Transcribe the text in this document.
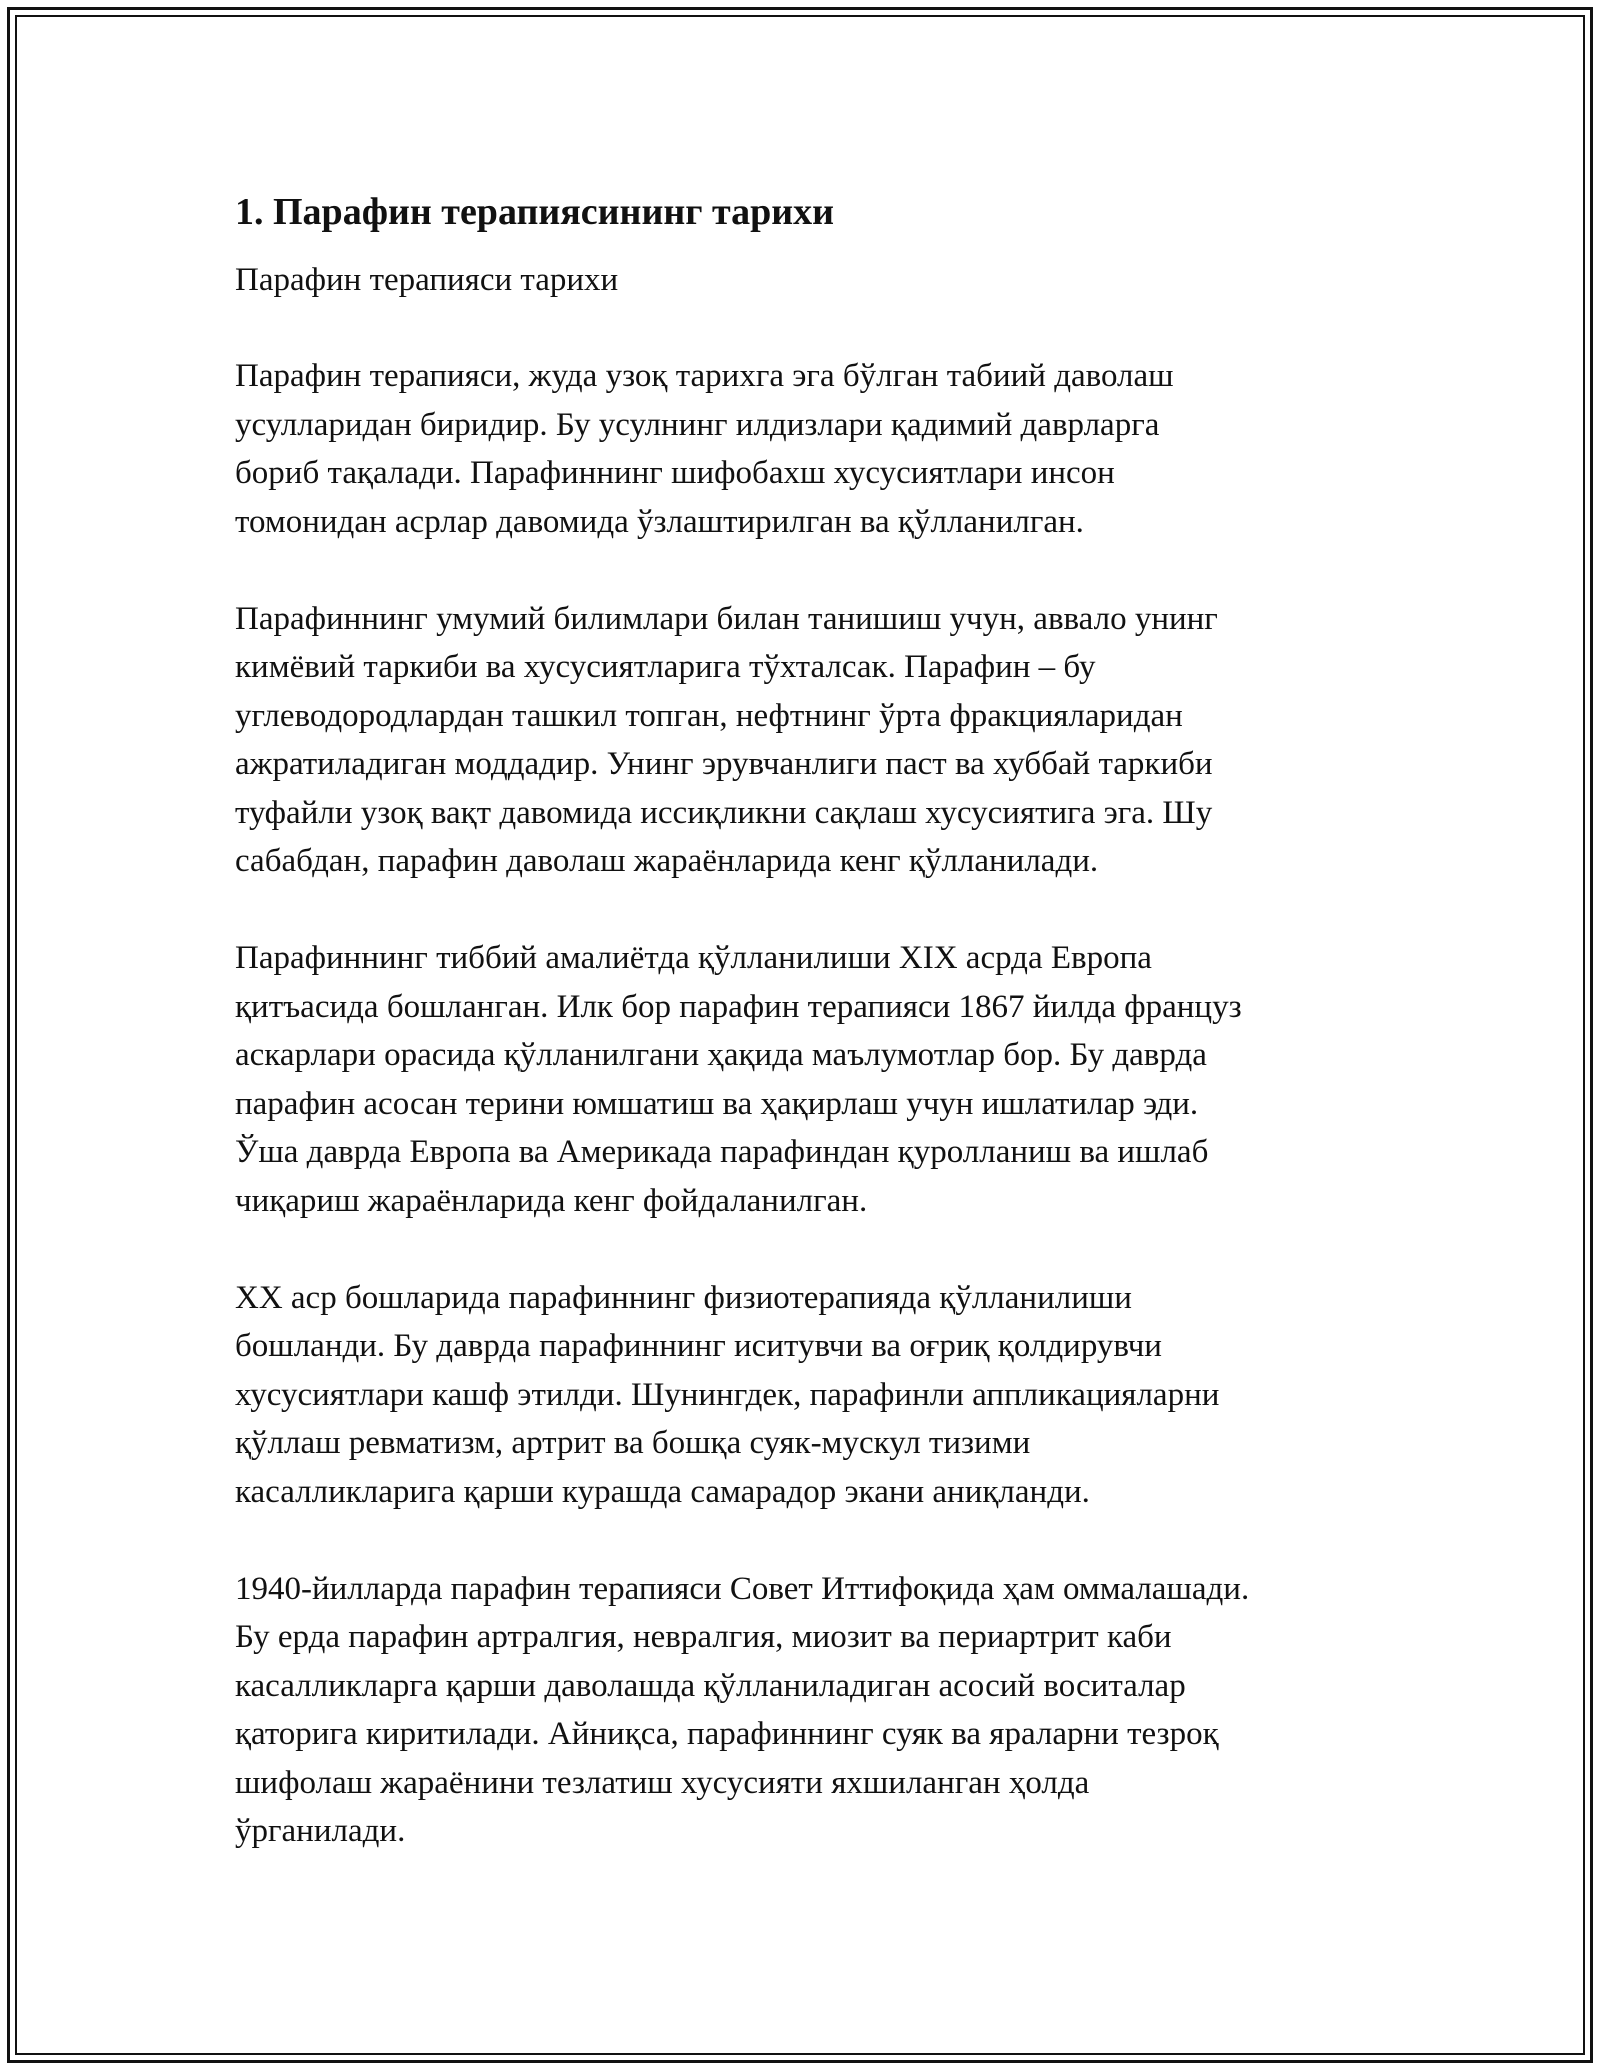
1. Парафин терапиясининг тарихи
Парафин терапияси тарихи
Парафин терапияси, жуда узоқ тарихга эга бўлган табиий даволаш
усулларидан биридир. Бу усулнинг илдизлари қадимий даврларга
бориб тақалади. Парафиннинг шифобахш хусусиятлари инсон
томонидан асрлар давомида ўзлаштирилган ва қўлланилган.
Парафиннинг умумий билимлари билан танишиш учун, аввало унинг
кимёвий таркиби ва хусусиятларига тўхталсак. Парафин – бу
углеводородлардан ташкил топган, нефтнинг ўрта фракцияларидан
ажратиладиган моддадир. Унинг эрувчанлиги паст ва хуббай таркиби
туфайли узоқ вақт давомида иссиқликни сақлаш хусусиятига эга. Шу
сабабдан, парафин даволаш жараёнларида кенг қўлланилади.
Парафиннинг тиббий амалиётда қўлланилиши XIX асрда Европа
қитъасида бошланган. Илк бор парафин терапияси 1867 йилда француз
аскарлари орасида қўлланилгани ҳақида маълумотлар бор. Бу даврда
парафин асосан терини юмшатиш ва ҳақирлаш учун ишлатилар эди.
Ўша даврда Европа ва Америкада парафиндан қуролланиш ва ишлаб
чиқариш жараёнларида кенг фойдаланилган.
XX аср бошларида парафиннинг физиотерапияда қўлланилиши
бошланди. Бу даврда парафиннинг иситувчи ва оғриқ қолдирувчи
хусусиятлари кашф этилди. Шунингдек, парафинли аппликацияларни
қўллаш ревматизм, артрит ва бошқа суяк-мускул тизими
касалликларига қарши курашда самарадор экани аниқланди.
1940-йилларда парафин терапияси Совет Иттифоқида ҳам оммалашади.
Бу ерда парафин артралгия, невралгия, миозит ва периартрит каби
касалликларга қарши даволашда қўлланиладиган асосий воситалар
қаторига киритилади. Айниқса, парафиннинг суяк ва яраларни тезроқ
шифолаш жараёнини тезлатиш хусусияти яхшиланган ҳолда
ўрганилади.
